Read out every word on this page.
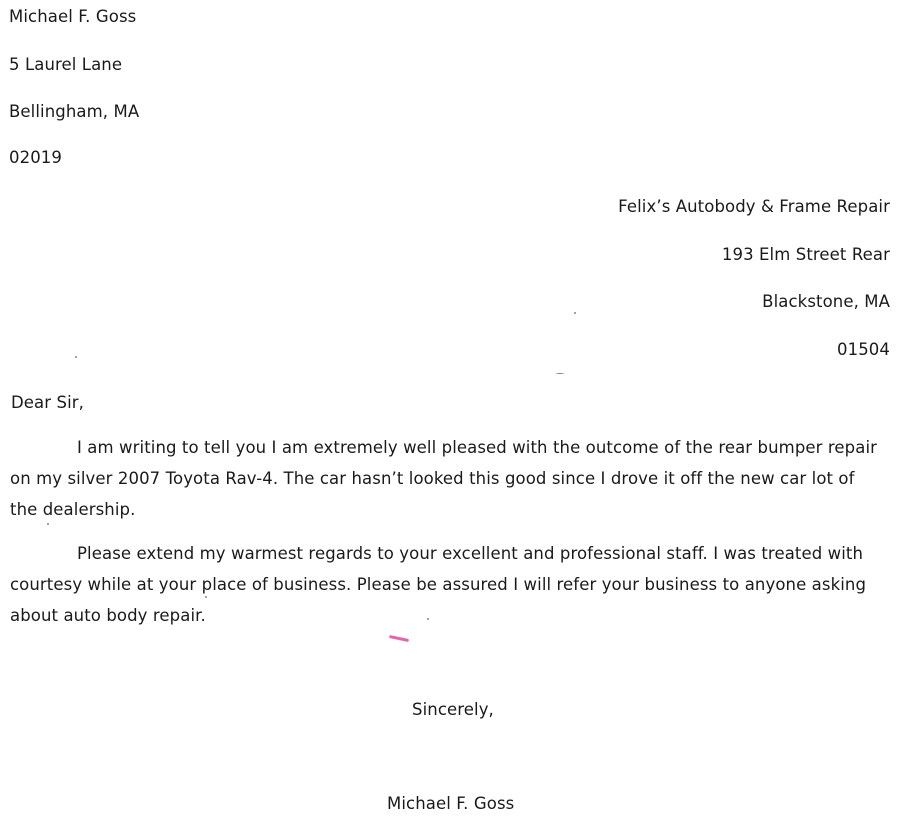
Michael F. Goss
5 Laurel Lane
Bellingham, MA
02019
Felix’s Autobody & Frame Repair
193 Elm Street Rear
Blackstone, MA
01504
Dear Sir,
I am writing to tell you I am extremely well pleased with the outcome of the rear bumper repair
on my silver 2007 Toyota Rav-4. The car hasn’t looked this good since I drove it off the new car lot of
the dealership.
Please extend my warmest regards to your excellent and professional staff. I was treated with
courtesy while at your place of business. Please be assured I will refer your business to anyone asking
about auto body repair.
Sincerely,
Michael F. Goss
